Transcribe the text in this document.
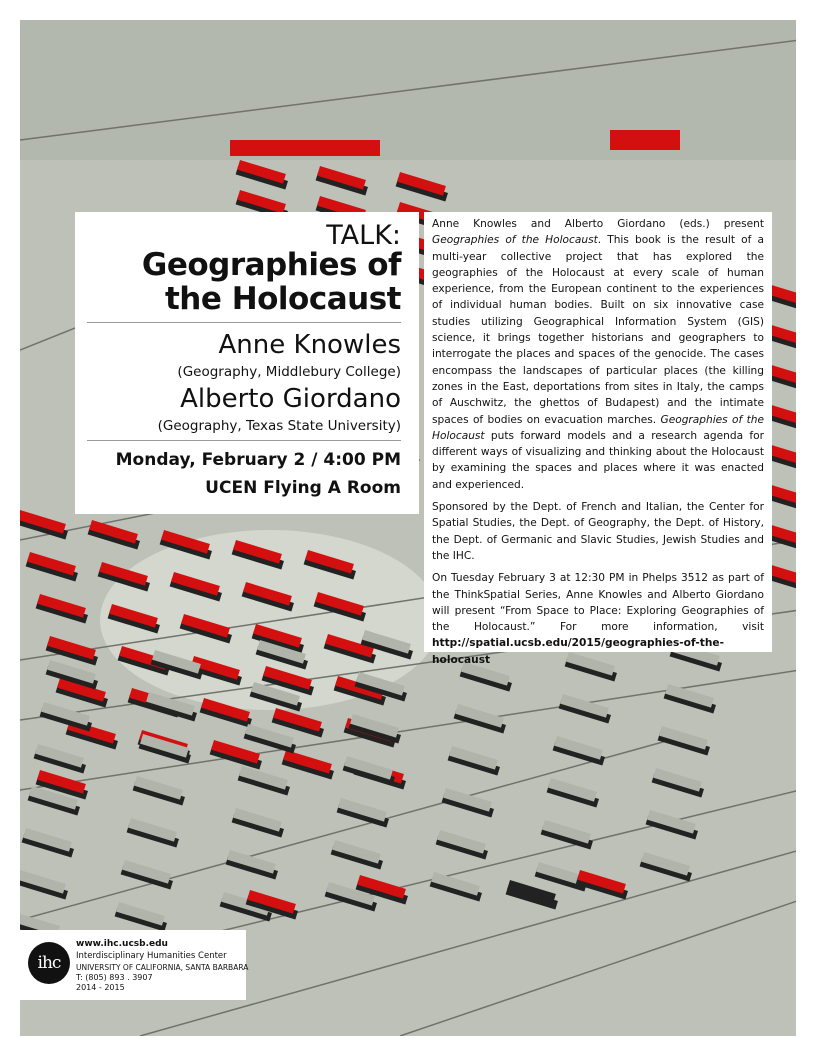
TALK:
Geographies of
the Holocaust
Anne Knowles
(Geography, Middlebury College)
Alberto Giordano
(Geography, Texas State University)
Monday, February 2 / 4:00 PM
UCEN Flying A Room

Anne Knowles and Alberto Giordano (eds.) present Geographies of the Holocaust. This book is the result of a multi-year collective project that has explored the geographies of the Holocaust at every scale of human experience, from the European continent to the experiences of individual human bodies. Built on six innovative case studies utilizing Geographical Information System (GIS) science, it brings together historians and geographers to interrogate the places and spaces of the genocide. The cases encompass the landscapes of particular places (the killing zones in the East, deportations from sites in Italy, the camps of Auschwitz, the ghettos of Budapest) and the intimate spaces of bodies on evacuation marches. Geographies of the Holocaust puts forward models and a research agenda for different ways of visualizing and thinking about the Holocaust by examining the spaces and places where it was enacted and experienced.

Sponsored by the Dept. of French and Italian, the Center for Spatial Studies, the Dept. of Geography, the Dept. of History, the Dept. of Germanic and Slavic Studies, Jewish Studies and the IHC.

On Tuesday February 3 at 12:30 PM in Phelps 3512 as part of the ThinkSpatial Series, Anne Knowles and Alberto Giordano will present “From Space to Place: Exploring Geographies of the Holocaust.” For more information, visit http://spatial.ucsb.edu/2015/geographies-of-the-holocaust

ihc
www.ihc.ucsb.edu
Interdisciplinary Humanities Center
UNIVERSITY OF CALIFORNIA, SANTA BARBARA
T: (805) 893 . 3907
2014 - 2015
